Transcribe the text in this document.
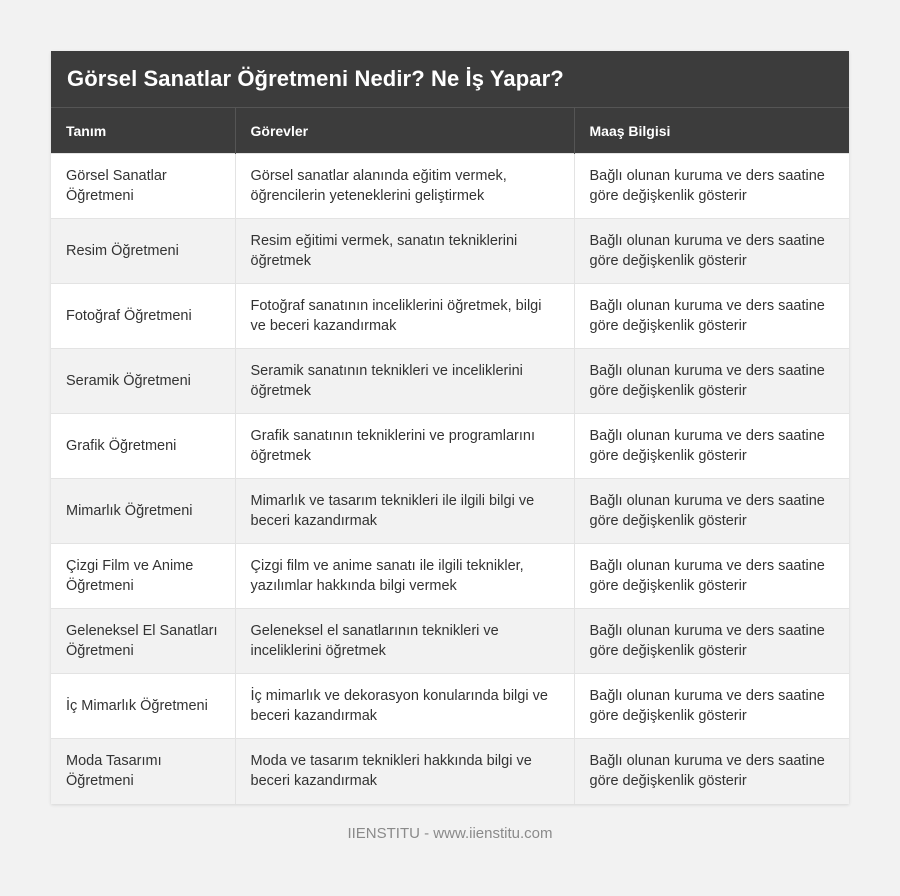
Görsel Sanatlar Öğretmeni Nedir? Ne İş Yapar?
Tanım	Görevler	Maaş Bilgisi
Görsel Sanatlar Öğretmeni	Görsel sanatlar alanında eğitim vermek, öğrencilerin yeteneklerini geliştirmek	Bağlı olunan kuruma ve ders saatine göre değişkenlik gösterir
Resim Öğretmeni	Resim eğitimi vermek, sanatın tekniklerini öğretmek	Bağlı olunan kuruma ve ders saatine göre değişkenlik gösterir
Fotoğraf Öğretmeni	Fotoğraf sanatının inceliklerini öğretmek, bilgi ve beceri kazandırmak	Bağlı olunan kuruma ve ders saatine göre değişkenlik gösterir
Seramik Öğretmeni	Seramik sanatının teknikleri ve inceliklerini öğretmek	Bağlı olunan kuruma ve ders saatine göre değişkenlik gösterir
Grafik Öğretmeni	Grafik sanatının tekniklerini ve programlarını öğretmek	Bağlı olunan kuruma ve ders saatine göre değişkenlik gösterir
Mimarlık Öğretmeni	Mimarlık ve tasarım teknikleri ile ilgili bilgi ve beceri kazandırmak	Bağlı olunan kuruma ve ders saatine göre değişkenlik gösterir
Çizgi Film ve Anime Öğretmeni	Çizgi film ve anime sanatı ile ilgili teknikler, yazılımlar hakkında bilgi vermek	Bağlı olunan kuruma ve ders saatine göre değişkenlik gösterir
Geleneksel El Sanatları Öğretmeni	Geleneksel el sanatlarının teknikleri ve inceliklerini öğretmek	Bağlı olunan kuruma ve ders saatine göre değişkenlik gösterir
İç Mimarlık Öğretmeni	İç mimarlık ve dekorasyon konularında bilgi ve beceri kazandırmak	Bağlı olunan kuruma ve ders saatine göre değişkenlik gösterir
Moda Tasarımı Öğretmeni	Moda ve tasarım teknikleri hakkında bilgi ve beceri kazandırmak	Bağlı olunan kuruma ve ders saatine göre değişkenlik gösterir
IIENSTITU - www.iienstitu.com
